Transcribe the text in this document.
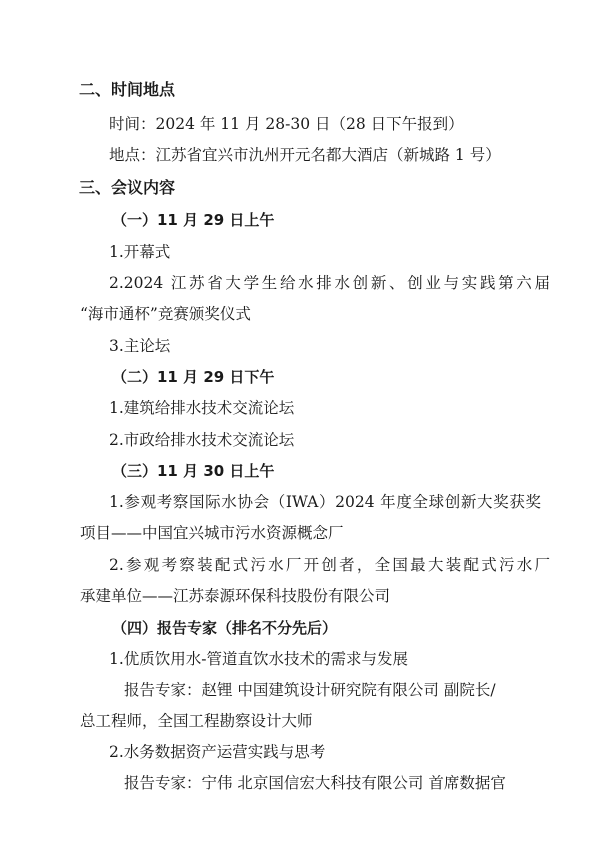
二、时间地点
时间：2024 年 11 月 28-30 日（28 日下午报到）
地点：江苏省宜兴市氿州开元名都大酒店（新城路 1 号）
三、会议内容
（一）11 月 29 日上午
1.开幕式
2.2024 江苏省大学生给水排水创新、创业与实践第六届
“海市通杯”竞赛颁奖仪式
3.主论坛
（二）11 月 29 日下午
1.建筑给排水技术交流论坛
2.市政给排水技术交流论坛
（三）11 月 30 日上午
1.参观考察国际水协会（IWA）2024 年度全球创新大奖获奖
项目——中国宜兴城市污水资源概念厂
2.参观考察装配式污水厂开创者，全国最大装配式污水厂
承建单位——江苏泰源环保科技股份有限公司
（四）报告专家（排名不分先后）
1.优质饮用水-管道直饮水技术的需求与发展
报告专家：赵锂 中国建筑设计研究院有限公司 副院长/
总工程师，全国工程勘察设计大师
2.水务数据资产运营实践与思考
报告专家：宁伟 北京国信宏大科技有限公司 首席数据官
